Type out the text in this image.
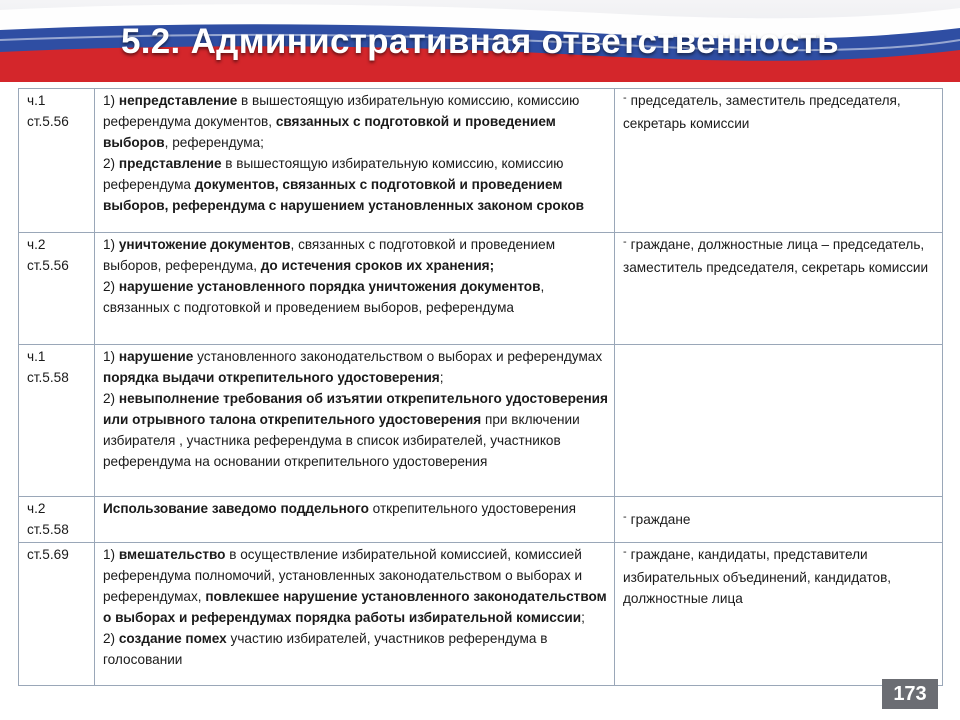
5.2. Административная ответственность
ч.1
ст.5.56	1) непредставление в вышестоящую избирательную комиссию, комиссию референдума документов, связанных с подготовкой и проведением выборов, референдума;
2) представление в вышестоящую избирательную комиссию, комиссию референдума документов, связанных с подготовкой и проведением выборов, референдума с нарушением установленных законом сроков	- председатель, заместитель председателя, секретарь комиссии

ч.2
ст.5.56	1) уничтожение документов, связанных с подготовкой и проведением выборов, референдума, до истечения сроков их хранения;
2) нарушение установленного порядка уничтожения документов, связанных с подготовкой и проведением выборов, референдума	- граждане, должностные лица – председатель, заместитель председателя, секретарь комиссии

ч.1
ст.5.58	1) нарушение установленного законодательством о выборах и референдумах порядка выдачи открепительного удостоверения;
2) невыполнение требования об изъятии открепительного удостоверения или отрывного талона открепительного удостоверения при включении избирателя , участника референдума в список избирателей, участников референдума на основании открепительного удостоверения	

ч.2
ст.5.58	Использование заведомо поддельного открепительного удостоверения	- граждане

ст.5.69	1) вмешательство в осуществление избирательной комиссией, комиссией референдума полномочий, установленных законодательством о выборах и референдумах, повлекшее нарушение установленного законодательством о выборах и референдумах порядка работы избирательной комиссии;
2) создание помех участию избирателей, участников референдума в голосовании	- граждане, кандидаты, представители избирательных объединений, кандидатов, должностные лица
173
